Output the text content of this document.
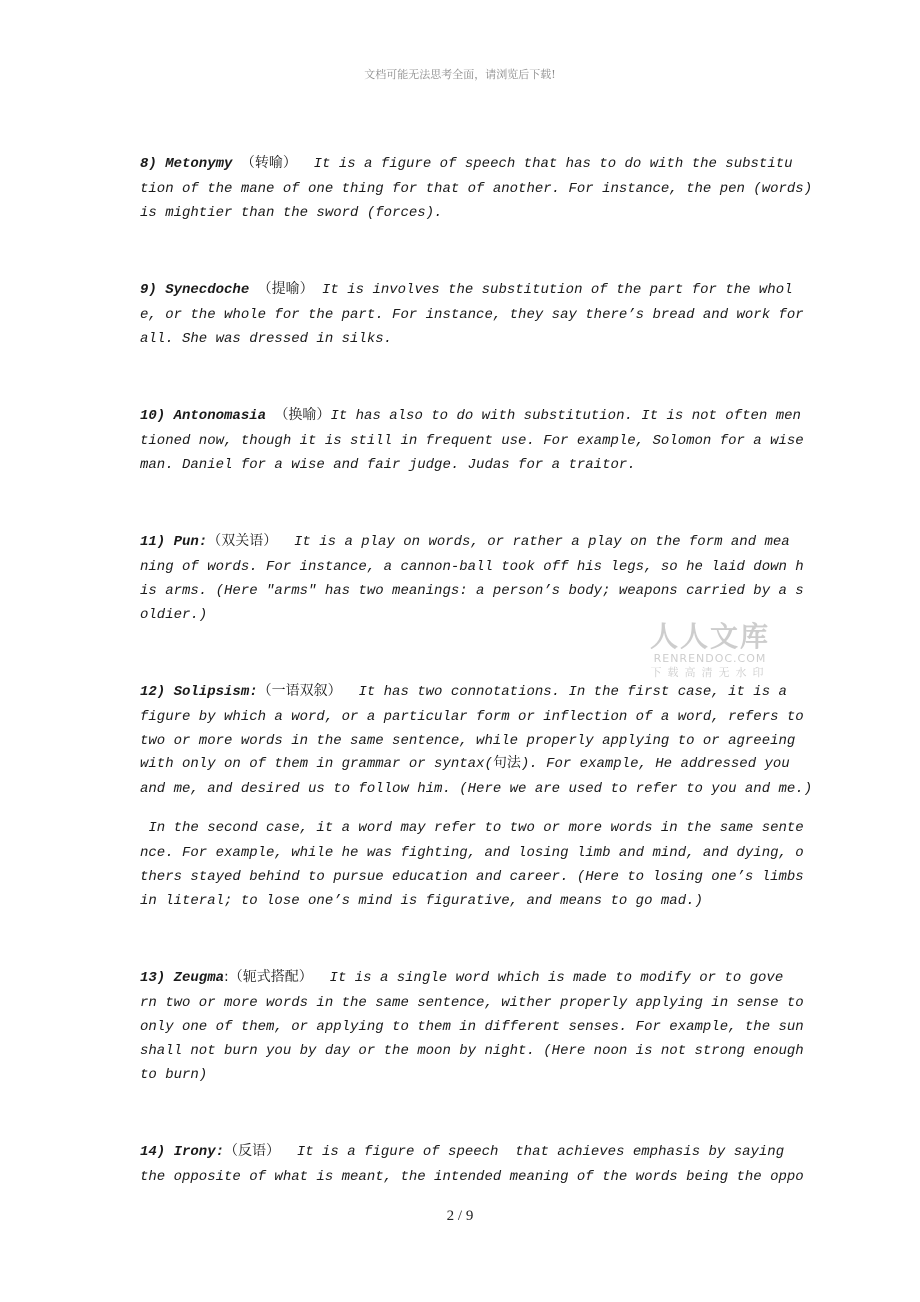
文档可能无法思考全面，请浏览后下载!
8) Metonymy （转喻） It is a figure of speech that has to do with the substitu
tion of the mane of one thing for that of another. For instance, the pen (words)
is mightier than the sword (forces).
9) Synecdoche （提喻） It is involves the substitution of the part for the whol
e, or the whole for the part. For instance, they say there’s bread and work for
all. She was dressed in silks.
10) Antonomasia （换喻）It has also to do with substitution. It is not often men
tioned now, though it is still in frequent use. For example, Solomon for a wise
man. Daniel for a wise and fair judge. Judas for a traitor.
11) Pun:（双关语） It is a play on words, or rather a play on the form and mea
ning of words. For instance, a cannon-ball took off his legs, so he laid down h
is arms. (Here "arms" has two meanings: a person’s body; weapons carried by a s
oldier.)
人人文库
RENRENDOC.COM
下载高清无水印
12) Solipsism:（一语双叙） It has two connotations. In the first case, it is a
figure by which a word, or a particular form or inflection of a word, refers to
two or more words in the same sentence, while properly applying to or agreeing
with only on of them in grammar or syntax(句法). For example, He addressed you
and me, and desired us to follow him. (Here we are used to refer to you and me.)
In the second case, it a word may refer to two or more words in the same sente
nce. For example, while he was fighting, and losing limb and mind, and dying, o
thers stayed behind to pursue education and career. (Here to losing one’s limbs
in literal; to lose one’s mind is figurative, and means to go mad.)
13) Zeugma:（轭式搭配） It is a single word which is made to modify or to gove
rn two or more words in the same sentence, wither properly applying in sense to
only one of them, or applying to them in different senses. For example, the sun
shall not burn you by day or the moon by night. (Here noon is not strong enough
to burn)
14) Irony:（反语） It is a figure of speech  that achieves emphasis by saying
the opposite of what is meant, the intended meaning of the words being the oppo
2 / 9
